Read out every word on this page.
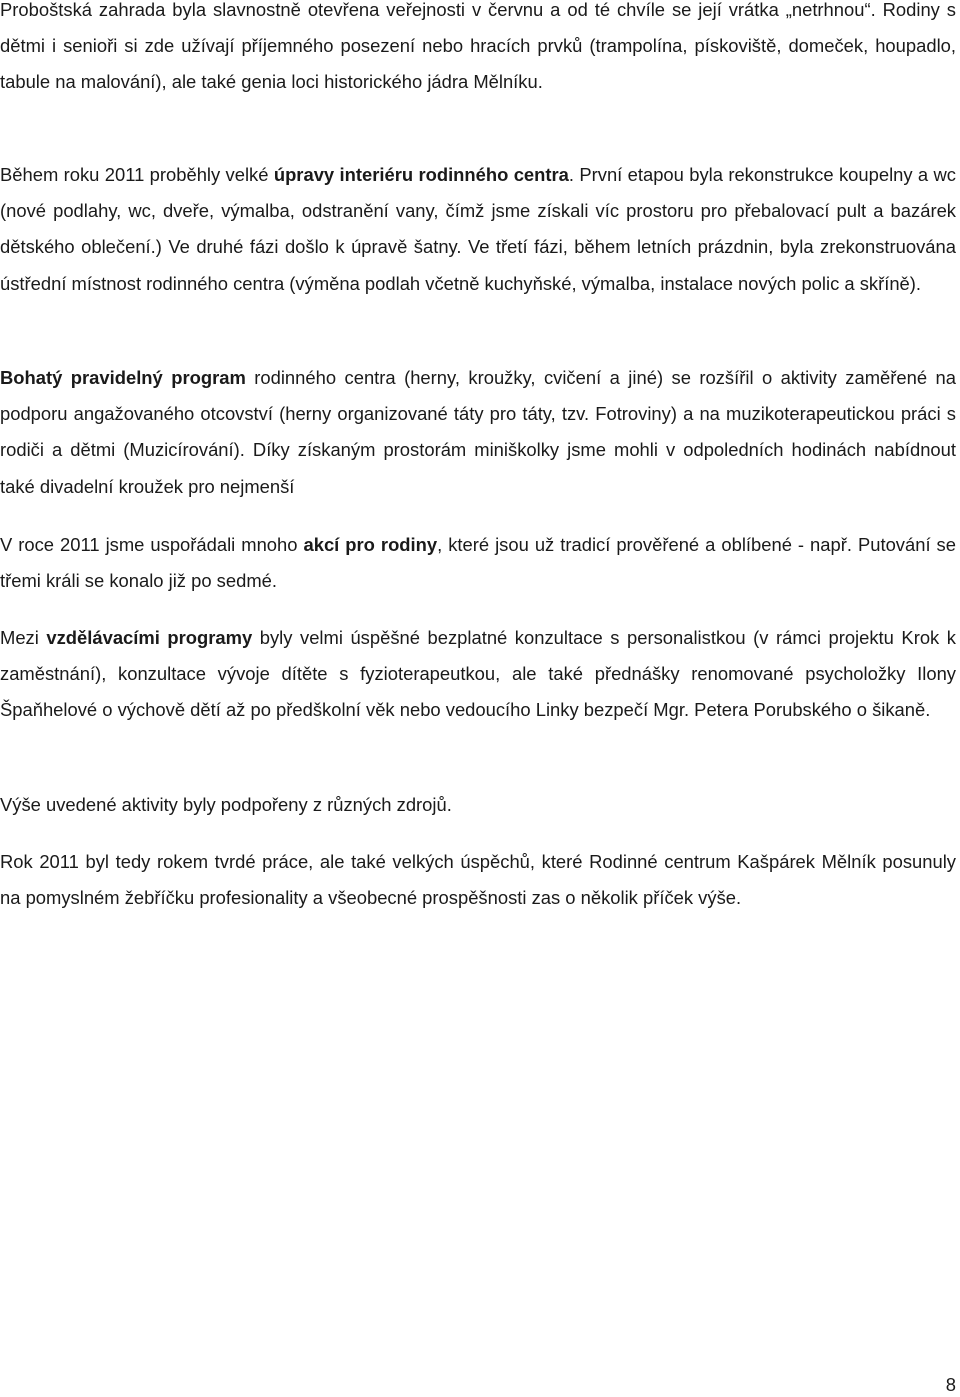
Proboštská zahrada byla slavnostně otevřena veřejnosti v červnu a od té chvíle se její vrátka „netrhnou“. Rodiny s dětmi i senioři si zde užívají příjemného posezení nebo hracích prvků (trampolína, pískoviště, domeček, houpadlo, tabule na malování), ale také genia loci historického jádra Mělníku.

Během roku 2011 proběhly velké úpravy interiéru rodinného centra. První etapou byla rekonstrukce koupelny a wc (nové podlahy, wc, dveře, výmalba, odstranění vany, čímž jsme získali víc prostoru pro přebalovací pult a bazárek dětského oblečení.) Ve druhé fázi došlo k úpravě šatny. Ve třetí fázi, během letních prázdnin, byla zrekonstruována ústřední místnost rodinného centra (výměna podlah včetně kuchyňské, výmalba, instalace nových polic a skříně).

Bohatý pravidelný program rodinného centra (herny, kroužky, cvičení a jiné) se rozšířil o aktivity zaměřené na podporu angažovaného otcovství (herny organizované táty pro táty, tzv. Fotroviny) a na muzikoterapeutickou práci s rodiči a dětmi (Muzicírování). Díky získaným prostorám miniškolky jsme mohli v odpoledních hodinách nabídnout také divadelní kroužek pro nejmenší

V roce 2011 jsme uspořádali mnoho akcí pro rodiny, které jsou už tradicí prověřené a oblíbené - např. Putování se třemi králi se konalo již po sedmé.

Mezi vzdělávacími programy byly velmi úspěšné bezplatné konzultace s personalistkou (v rámci projektu Krok k zaměstnání), konzultace vývoje dítěte s fyzioterapeutkou, ale také přednášky renomované psycholožky Ilony Špaňhelové o výchově dětí až po předškolní věk nebo vedoucího Linky bezpečí Mgr. Petera Porubského o šikaně.

Výše uvedené aktivity byly podpořeny z různých zdrojů.

Rok 2011 byl tedy rokem tvrdé práce, ale také velkých úspěchů, které Rodinné centrum Kašpárek Mělník posunuly na pomyslném žebříčku profesionality a všeobecné prospěšnosti zas o několik příček výše.

8
